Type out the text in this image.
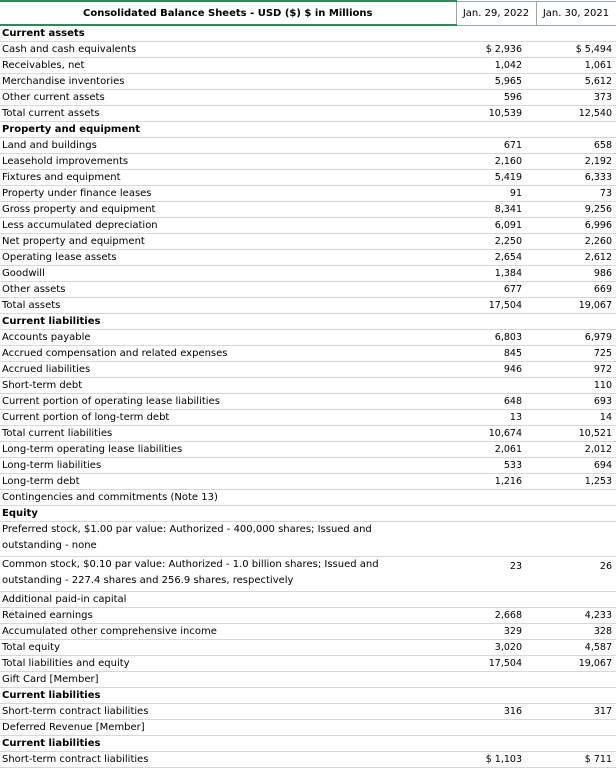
Consolidated Balance Sheets - USD ($) $ in Millions	Jan. 29, 2022	Jan. 30, 2021
Current assets		
Cash and cash equivalents	$ 2,936	$ 5,494
Receivables, net	1,042	1,061
Merchandise inventories	5,965	5,612
Other current assets	596	373
Total current assets	10,539	12,540
Property and equipment		
Land and buildings	671	658
Leasehold improvements	2,160	2,192
Fixtures and equipment	5,419	6,333
Property under finance leases	91	73
Gross property and equipment	8,341	9,256
Less accumulated depreciation	6,091	6,996
Net property and equipment	2,250	2,260
Operating lease assets	2,654	2,612
Goodwill	1,384	986
Other assets	677	669
Total assets	17,504	19,067
Current liabilities		
Accounts payable	6,803	6,979
Accrued compensation and related expenses	845	725
Accrued liabilities	946	972
Short-term debt		110
Current portion of operating lease liabilities	648	693
Current portion of long-term debt	13	14
Total current liabilities	10,674	10,521
Long-term operating lease liabilities	2,061	2,012
Long-term liabilities	533	694
Long-term debt	1,216	1,253
Contingencies and commitments (Note 13)		
Equity		
Preferred stock, $1.00 par value: Authorized - 400,000 shares; Issued and outstanding - none		
Common stock, $0.10 par value: Authorized - 1.0 billion shares; Issued and outstanding - 227.4 shares and 256.9 shares, respectively	23	26
Additional paid-in capital		
Retained earnings	2,668	4,233
Accumulated other comprehensive income	329	328
Total equity	3,020	4,587
Total liabilities and equity	17,504	19,067
Gift Card [Member]		
Current liabilities		
Short-term contract liabilities	316	317
Deferred Revenue [Member]		
Current liabilities		
Short-term contract liabilities	$ 1,103	$ 711
